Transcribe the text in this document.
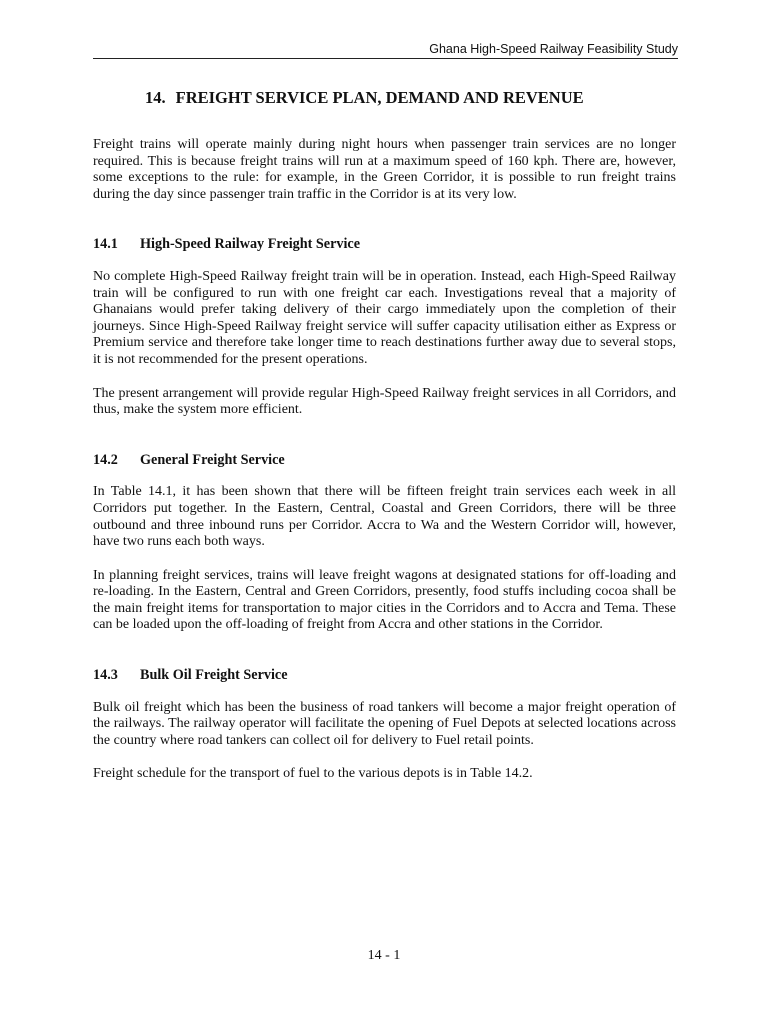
Ghana High-Speed Railway Feasibility Study
14. FREIGHT SERVICE PLAN, DEMAND AND REVENUE

Freight trains will operate mainly during night hours when passenger train services are no longer required. This is because freight trains will run at a maximum speed of 160 kph. There are, however, some exceptions to the rule: for example, in the Green Corridor, it is possible to run freight trains during the day since passenger train traffic in the Corridor is at its very low.

14.1 High-Speed Railway Freight Service

No complete High-Speed Railway freight train will be in operation. Instead, each High-Speed Railway train will be configured to run with one freight car each. Investigations reveal that a majority of Ghanaians would prefer taking delivery of their cargo immediately upon the completion of their journeys. Since High-Speed Railway freight service will suffer capacity utilisation either as Express or Premium service and therefore take longer time to reach destinations further away due to several stops, it is not recommended for the present operations.

The present arrangement will provide regular High-Speed Railway freight services in all Corridors, and thus, make the system more efficient.

14.2 General Freight Service

In Table 14.1, it has been shown that there will be fifteen freight train services each week in all Corridors put together. In the Eastern, Central, Coastal and Green Corridors, there will be three outbound and three inbound runs per Corridor. Accra to Wa and the Western Corridor will, however, have two runs each both ways.

In planning freight services, trains will leave freight wagons at designated stations for off-loading and re-loading. In the Eastern, Central and Green Corridors, presently, food stuffs including cocoa shall be the main freight items for transportation to major cities in the Corridors and to Accra and Tema. These can be loaded upon the off-loading of freight from Accra and other stations in the Corridor.

14.3 Bulk Oil Freight Service

Bulk oil freight which has been the business of road tankers will become a major freight operation of the railways. The railway operator will facilitate the opening of Fuel Depots at selected locations across the country where road tankers can collect oil for delivery to Fuel retail points.

Freight schedule for the transport of fuel to the various depots is in Table 14.2.

14 - 1
